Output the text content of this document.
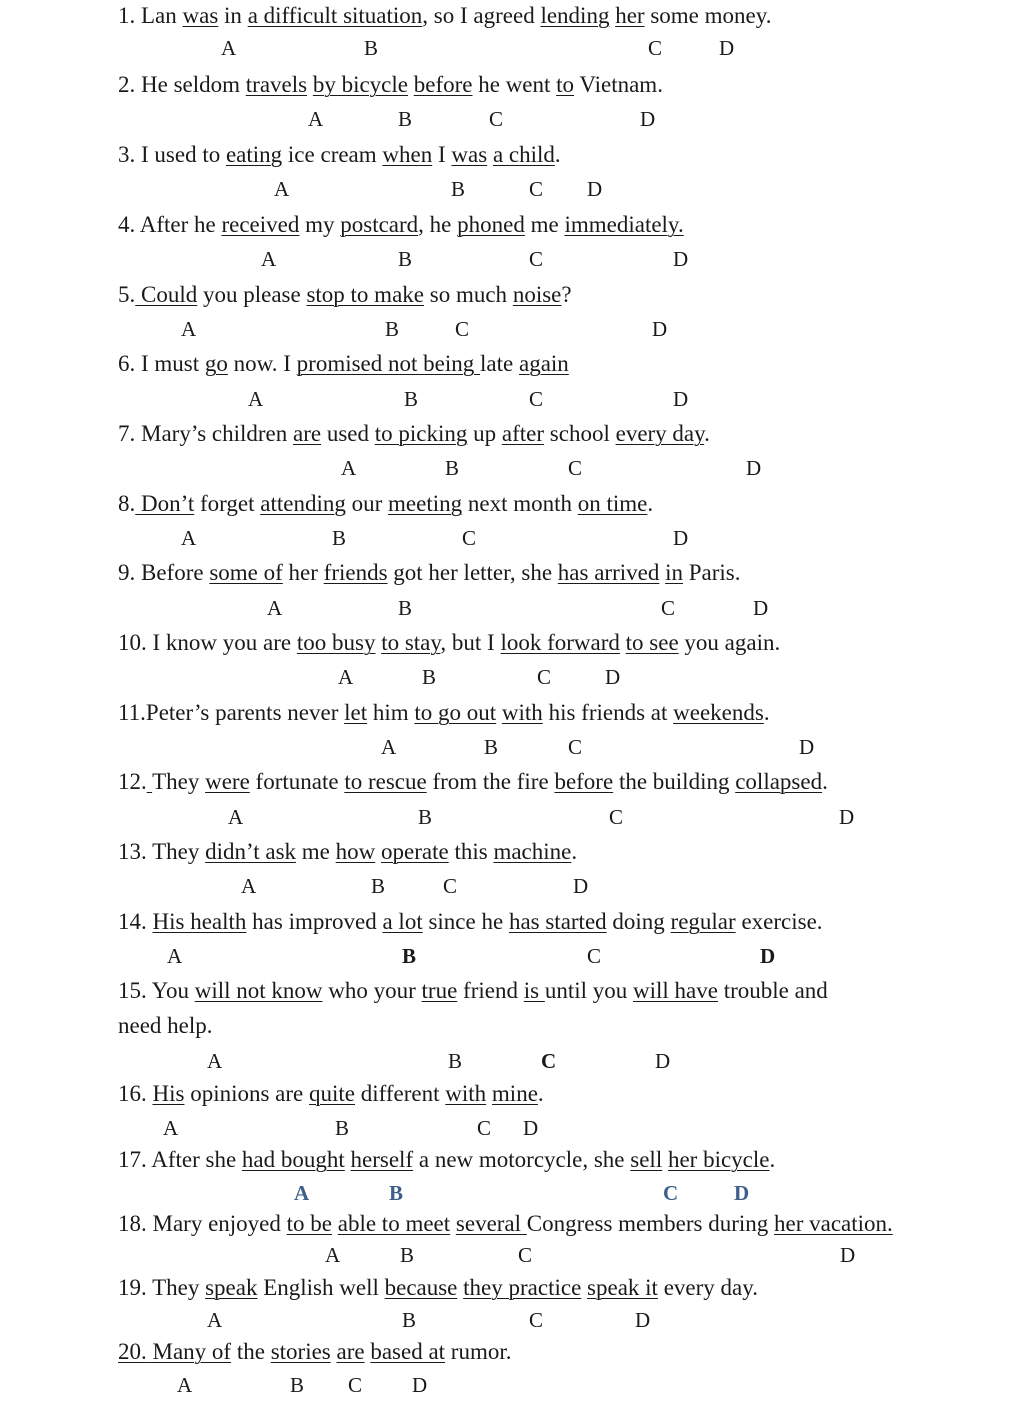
1. Lan was in a difficult situation, so I agreed lending her some money.
A	B	C	D
2. He seldom travels by bicycle before he went to Vietnam.
A	B	C	D
3. I used to eating ice cream when I was a child.
A	B	C D
4. After he received my postcard, he phoned me immediately.
A	B	C	D
5. Could you please stop to make so much noise?
A	B	C	D
6. I must go now. I promised not being late again
A	B	C	D
7. Mary’s children are used to picking up after school every day.
A	B	C	D
8. Don’t forget attending our meeting next month on time.
A	B	C	D
9. Before some of her friends got her letter, she has arrived in Paris.
A	B	C	D
10. I know you are too busy to stay, but I look forward to see you again.
A	B	C	D
11.Peter’s parents never let him to go out with his friends at weekends.
A	B	C	D
12. They were fortunate to rescue from the fire before the building collapsed.
A	B	C	D
13. They didn’t ask me how operate this machine.
A	B	C	D
14. His health has improved a lot since he has started doing regular exercise.
A	B	C	D
15. You will not know who your true friend is until you will have trouble and
need help.
A	B	C	D
16. His opinions are quite different with mine.
A	B	C D
17. After she had bought herself a new motorcycle, she sell her bicycle.
A	B	C	D
18. Mary enjoyed to be able to meet several Congress members during her vacation.
A	B	C	D
19. They speak English well because they practice speak it every day.
A	B	C	D
20. Many of the stories are based at rumor.
A	B C D
